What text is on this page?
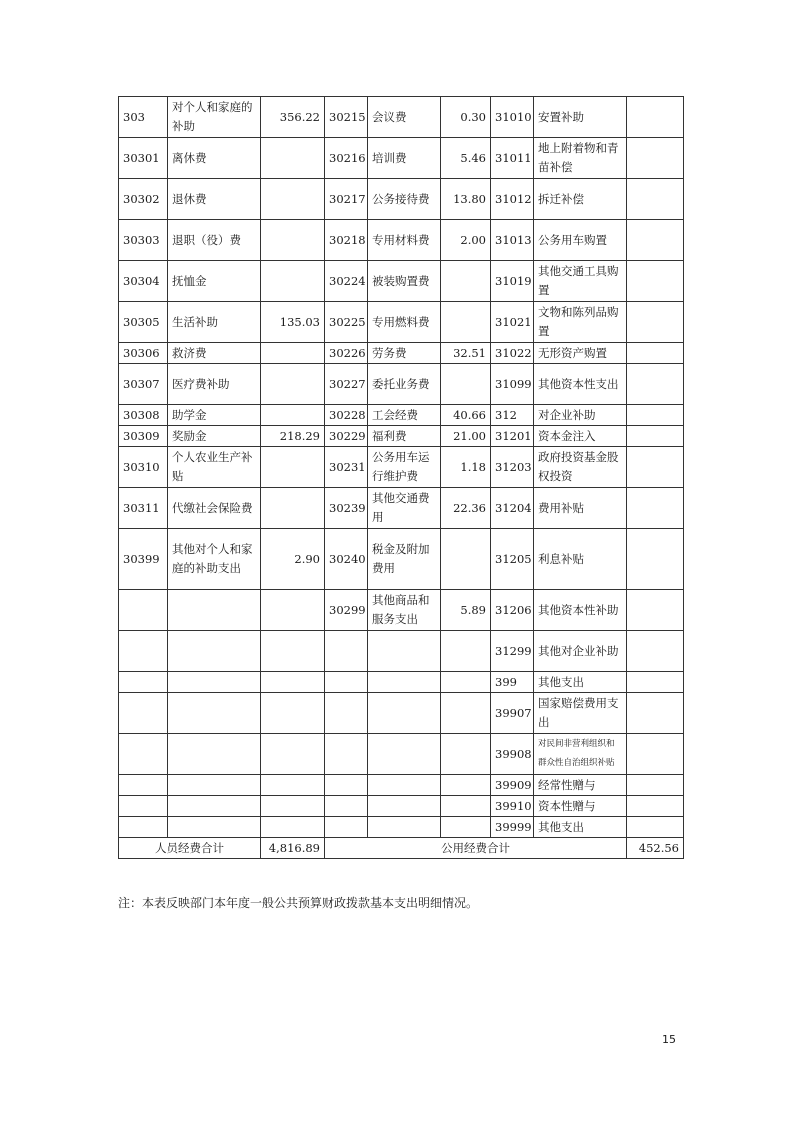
303	对个人和家庭的补助	356.22	30215	会议费	0.30	31010	安置补助	
30301	离休费		30216	培训费	5.46	31011	地上附着物和青苗补偿	
30302	退休费		30217	公务接待费	13.80	31012	拆迁补偿	
30303	退职（役）费		30218	专用材料费	2.00	31013	公务用车购置	
30304	抚恤金		30224	被装购置费		31019	其他交通工具购置	
30305	生活补助	135.03	30225	专用燃料费		31021	文物和陈列品购置	
30306	救济费		30226	劳务费	32.51	31022	无形资产购置	
30307	医疗费补助		30227	委托业务费		31099	其他资本性支出	
30308	助学金		30228	工会经费	40.66	312	对企业补助	
30309	奖励金	218.29	30229	福利费	21.00	31201	资本金注入	
30310	个人农业生产补贴		30231	公务用车运行维护费	1.18	31203	政府投资基金股权投资	
30311	代缴社会保险费		30239	其他交通费用	22.36	31204	费用补贴	
30399	其他对个人和家庭的补助支出	2.90	30240	税金及附加费用		31205	利息补贴	
			30299	其他商品和服务支出	5.89	31206	其他资本性补助	
						31299	其他对企业补助	
						399	其他支出	
						39907	国家赔偿费用支出	
						39908	对民间非营利组织和群众性自治组织补贴	
						39909	经常性赠与	
						39910	资本性赠与	
						39999	其他支出	
人员经费合计		4,816.89	公用经费合计					452.56
注：本表反映部门本年度一般公共预算财政拨款基本支出明细情况。
15
